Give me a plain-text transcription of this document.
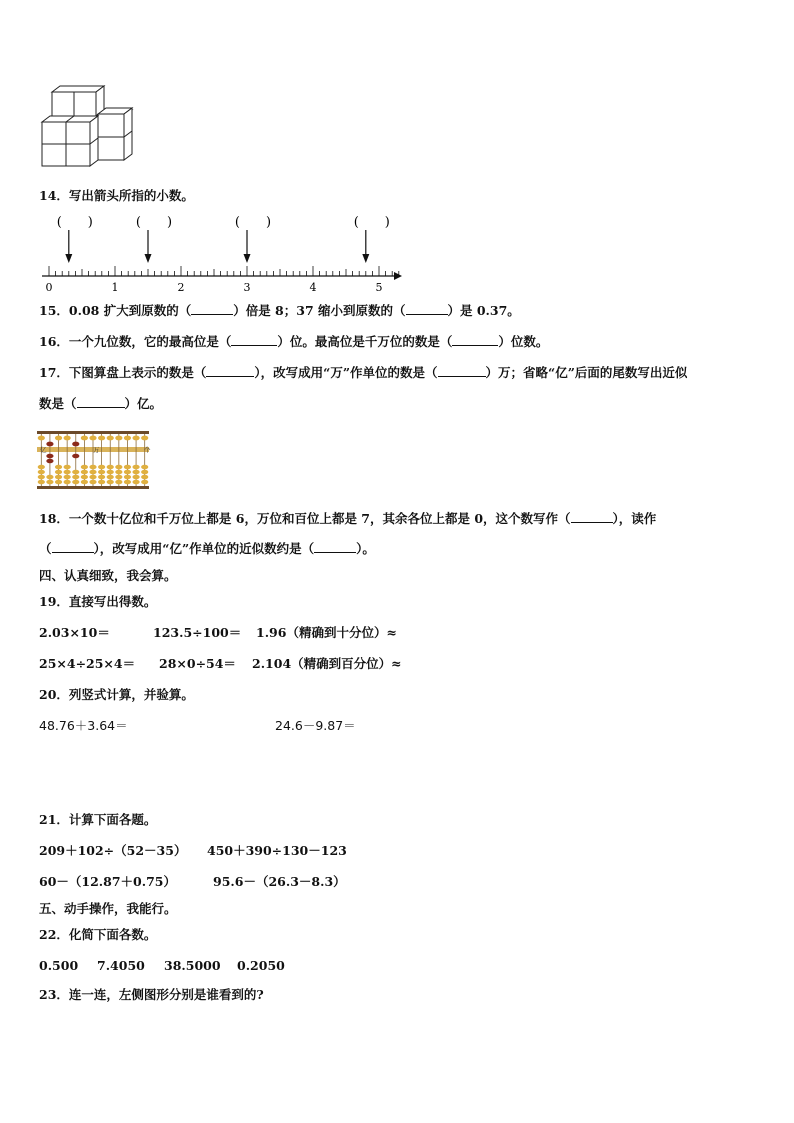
14．写出箭头所指的小数。
0	1	2	3	4	5
(　　)	(　　)	(　　)	(　　)
15．0.08 扩大到原数的（	）倍是 8；37 缩小到原数的（	）是 0.37。
16．一个九位数，它的最高位是（	）位。最高位是千万位的数是（	）位数。
17．下图算盘上表示的数是（	），改写成用“万”作单位的数是（	）万；省略“亿”后面的尾数写出近似
数是（	）亿。
亿	万	个
18．一个数十亿位和千万位上都是 6，万位和百位上都是 7，其余各位上都是 0，这个数写作（	），读作
（	），改写成用“亿”作单位的近似数约是（	）。
四、认真细致，我会算。
19．直接写出得数。
2.03×10＝	123.5÷100＝ 1.96（精确到十分位）≈
25×4÷25×4＝ 28×0÷54＝ 2.104（精确到百分位）≈
20．列竖式计算，并验算。
48.76＋3.64＝	24.6－9.87＝
21．计算下面各题。
209＋102÷（52－35） 450＋390÷130－123
60－（12.87＋0.75）	95.6－（26.3－8.3）
五、动手操作，我能行。
22．化简下面各数。
0.500 7.4050 38.5000 0.2050
23．连一连，左侧图形分别是谁看到的?
